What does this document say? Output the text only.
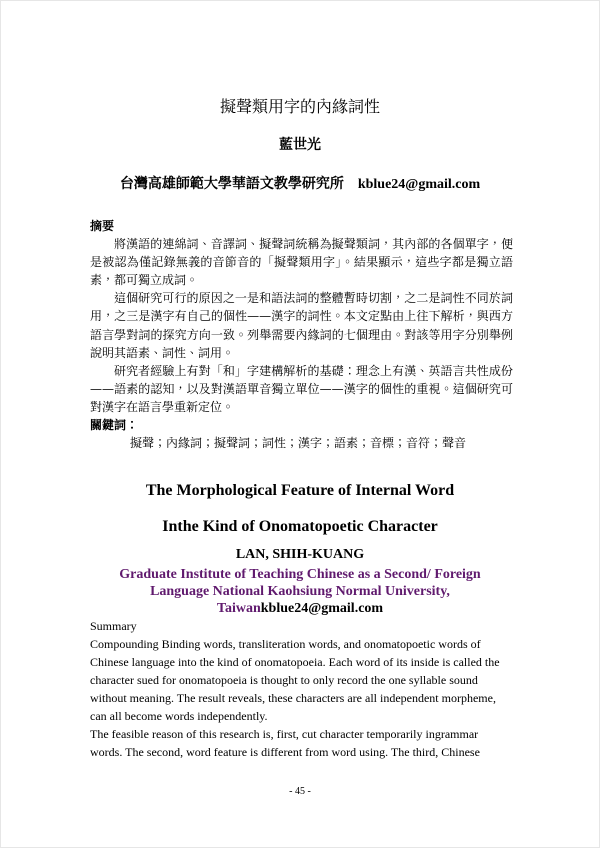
擬聲類用字的內緣詞性
藍世光
台灣高雄師範大學華語文教學研究所 kblue24@gmail.com
摘要
將漢語的連綿詞、音譯詞、擬聲詞統稱為擬聲類詞，其內部的各個單字，便
是被認為僅記錄無義的音節音的「擬聲類用字」。結果顯示，這些字都是獨立語
素，都可獨立成詞。
這個研究可行的原因之一是和語法詞的整體暫時切割，之二是詞性不同於詞
用，之三是漢字有自己的個性——漢字的詞性。本文定點由上往下解析，與西方
語言學對詞的探究方向一致。列舉需要內緣詞的七個理由。對該等用字分別舉例
說明其語素、詞性、詞用。
研究者經驗上有對「和」字建構解析的基礎：理念上有漢、英語言共性成份
——語素的認知，以及對漢語單音獨立單位——漢字的個性的重視。這個研究可
對漢字在語言學重新定位。
關鍵詞：
擬聲；內緣詞；擬聲詞；詞性；漢字；語素；音標；音符；聲音
The Morphological Feature of Internal Word
Inthe Kind of Onomatopoetic Character
LAN, SHIH-KUANG
Graduate Institute of Teaching Chinese as a Second/ Foreign
Language National Kaohsiung Normal University,
Taiwankblue24@gmail.com
Summary
Compounding Binding words, transliteration words, and onomatopoetic words of
Chinese language into the kind of onomatopoeia. Each word of its inside is called the
character sued for onomatopoeia is thought to only record the one syllable sound
without meaning. The result reveals, these characters are all independent morpheme,
can all become words independently.
The feasible reason of this research is, first, cut character temporarily ingrammar
words. The second, word feature is different from word using. The third, Chinese
- 45 -
